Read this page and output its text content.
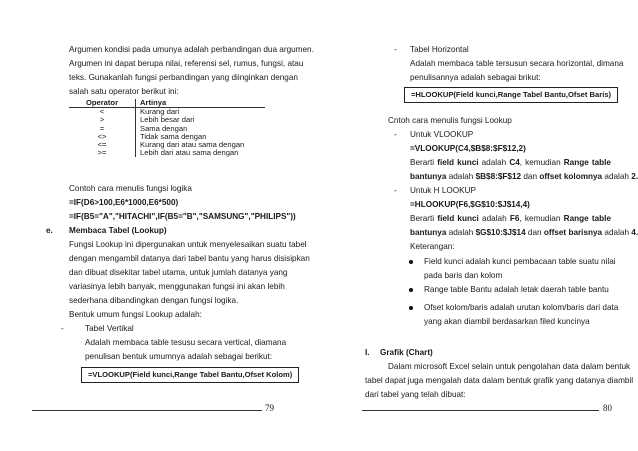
Argumen kondisi pada umunya adalah perbandingan dua argumen.
Argumen ini dapat berupa nilai, referensi sel, rumus, fungsi, atau
teks. Gunakanlah fungsi perbandingan yang diinginkan dengan
salah satu operator berikut ini:
Operator	Artinya
<	Kurang dari
>	Lebih besar dari
=	Sama dengan
<>	Tidak sama dengan
<=	Kurang dari atau sama dengan
>=	Lebih dari atau sama dengan
Contoh cara menulis fungsi logika
=IF(D6>100,E6*1000,E6*500)
=IF(B5="A","HITACHI",IF(B5="B","SAMSUNG","PHILIPS"))
e. Membaca Tabel (Lookup)
Fungsi Lookup ini dipergunakan untuk menyelesaikan suatu tabel
dengan mengambil datanya dari tabel bantu yang harus disisipkan
dan dibuat disekitar tabel utama, untuk jumlah datanya yang
variasinya lebih banyak, menggunakan fungsi ini akan lebih
sederhana dibandingkan dengan fungsi logika.
Bentuk umum fungsi Lookup adalah:
-	Tabel Vertikal
Adalah membaca table tesusu secara vertical, diamana
penulisan bentuk umumnya adalah sebagai berikut:
=VLOOKUP(Field kunci,Range Tabel Bantu,Ofset Kolom)
79
- Tabel Horizontal
Adalah membaca table tersusun secara horizontal, dimana
penulisannya adalah sebagai brikut:
=HLOOKUP(Field kunci,Range Tabel Bantu,Ofset Baris)
Cntoh cara menulis fungsi Lookup
- Untuk VLOOKUP
=VLOOKUP(C4,$B$8:$F$12,2)
Berarti field kunci adalah C4, kemudian Range table
bantunya adalah $B$8:$F$12 dan offset kolomnya adalah 2.
- Untuk H LOOKUP
=HLOOKUP(F6,$G$10:$J$14,4)
Berarti field kunci adalah F6, kemudian Range table
bantunya adalah $G$10:$J$14 dan offset barisnya adalah 4.
Keterangan:
Field kunci adalah kunci pembacaan table suatu nilai
pada baris dan kolom
Range table Bantu adalah letak daerah table bantu
Ofset kolom/baris adalah urutan kolom/baris dari data
yang akan diambil berdasarkan filed kuncinya
I. Grafik (Chart)
Dalam microsoft Excel selain untuk pengolahan data dalam bentuk
tabel dapat juga mengalah data dalam bentuk grafik yang datanya diambil
dari tabel yang telah dibuat:
80
